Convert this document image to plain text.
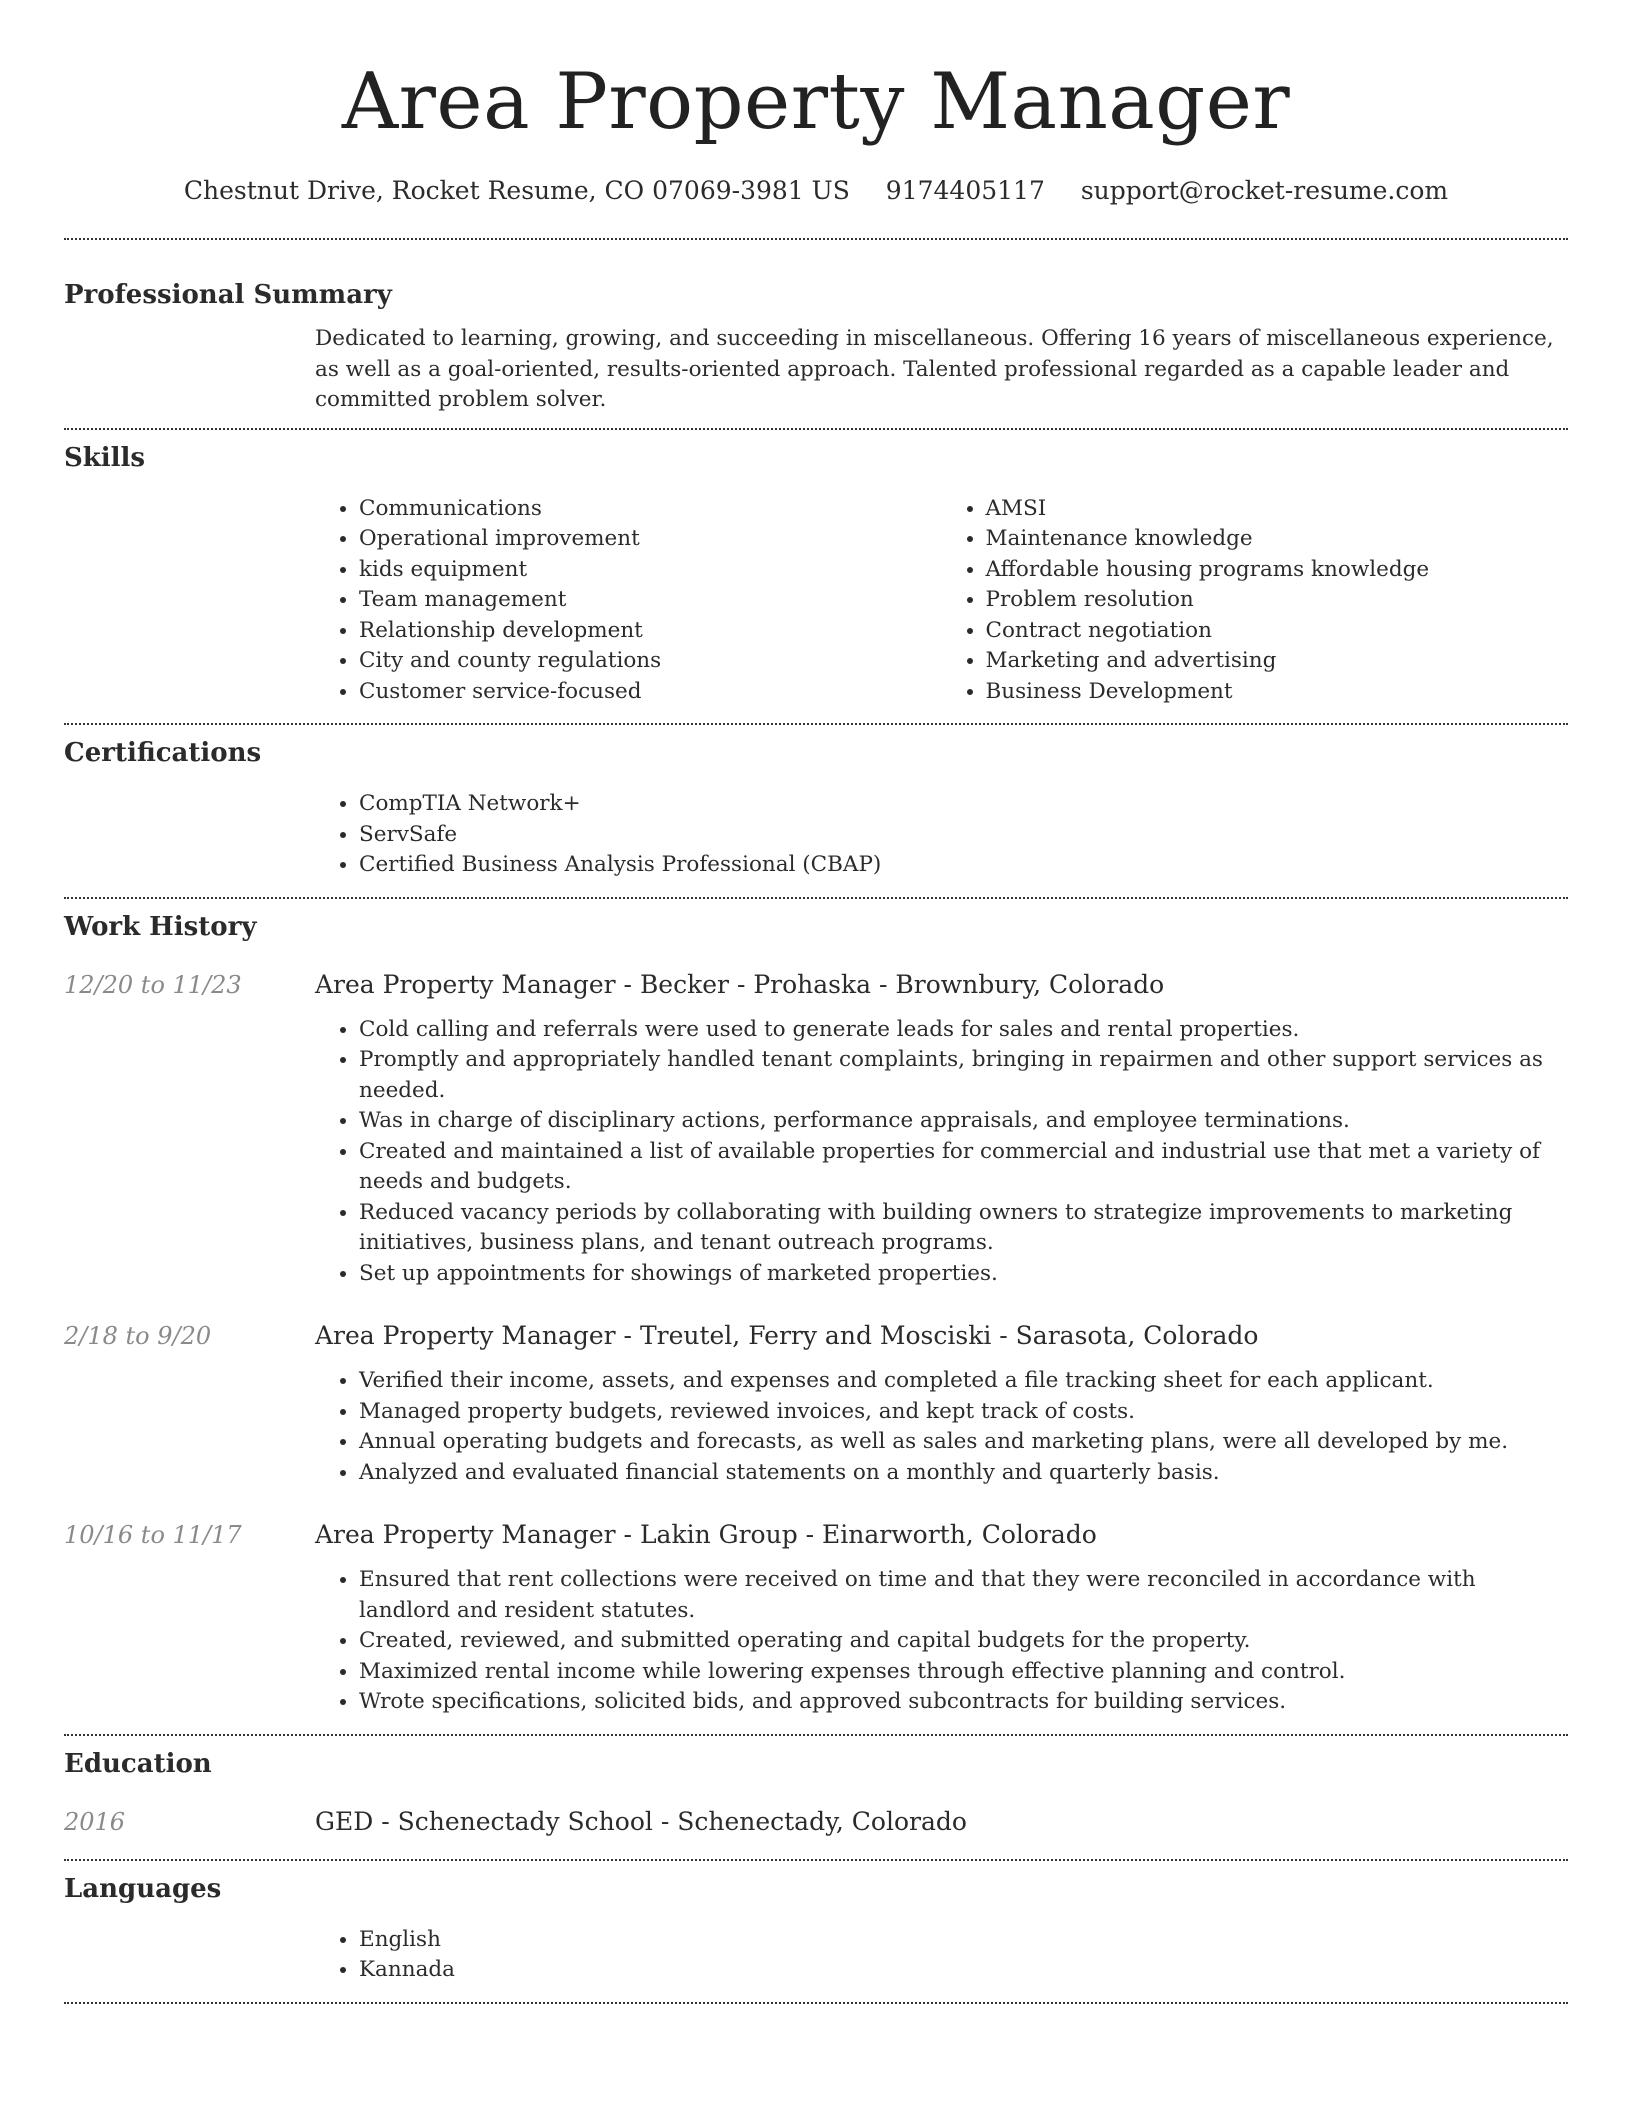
Area Property Manager
Chestnut Drive, Rocket Resume, CO 07069-3981 US 9174405117 support@rocket-resume.com
Professional Summary

Dedicated to learning, growing, and succeeding in miscellaneous. Offering 16 years of miscellaneous experience, as well as a goal-oriented, results-oriented approach. Talented professional regarded as a capable leader and committed problem solver.

Skills
• Communications
• Operational improvement
• kids equipment
• Team management
• Relationship development
• City and county regulations
• Customer service-focused
• AMSI
• Maintenance knowledge
• Affordable housing programs knowledge
• Problem resolution
• Contract negotiation
• Marketing and advertising
• Business Development
Certifications
• CompTIA Network+
• ServSafe
• Certified Business Analysis Professional (CBAP)
Work History
12/20 to 11/23	Area Property Manager - Becker - Prohaska - Brownbury, Colorado
• Cold calling and referrals were used to generate leads for sales and rental properties.
• Promptly and appropriately handled tenant complaints, bringing in repairmen and other support services as needed.
• Was in charge of disciplinary actions, performance appraisals, and employee terminations.
• Created and maintained a list of available properties for commercial and industrial use that met a variety of needs and budgets.
• Reduced vacancy periods by collaborating with building owners to strategize improvements to marketing initiatives, business plans, and tenant outreach programs.
• Set up appointments for showings of marketed properties.
2/18 to 9/20	Area Property Manager - Treutel, Ferry and Mosciski - Sarasota, Colorado
• Verified their income, assets, and expenses and completed a file tracking sheet for each applicant.
• Managed property budgets, reviewed invoices, and kept track of costs.
• Annual operating budgets and forecasts, as well as sales and marketing plans, were all developed by me.
• Analyzed and evaluated financial statements on a monthly and quarterly basis.
10/16 to 11/17	Area Property Manager - Lakin Group - Einarworth, Colorado
• Ensured that rent collections were received on time and that they were reconciled in accordance with landlord and resident statutes.
• Created, reviewed, and submitted operating and capital budgets for the property.
• Maximized rental income while lowering expenses through effective planning and control.
• Wrote specifications, solicited bids, and approved subcontracts for building services.
Education
2016	GED - Schenectady School - Schenectady, Colorado
Languages
• English
• Kannada
